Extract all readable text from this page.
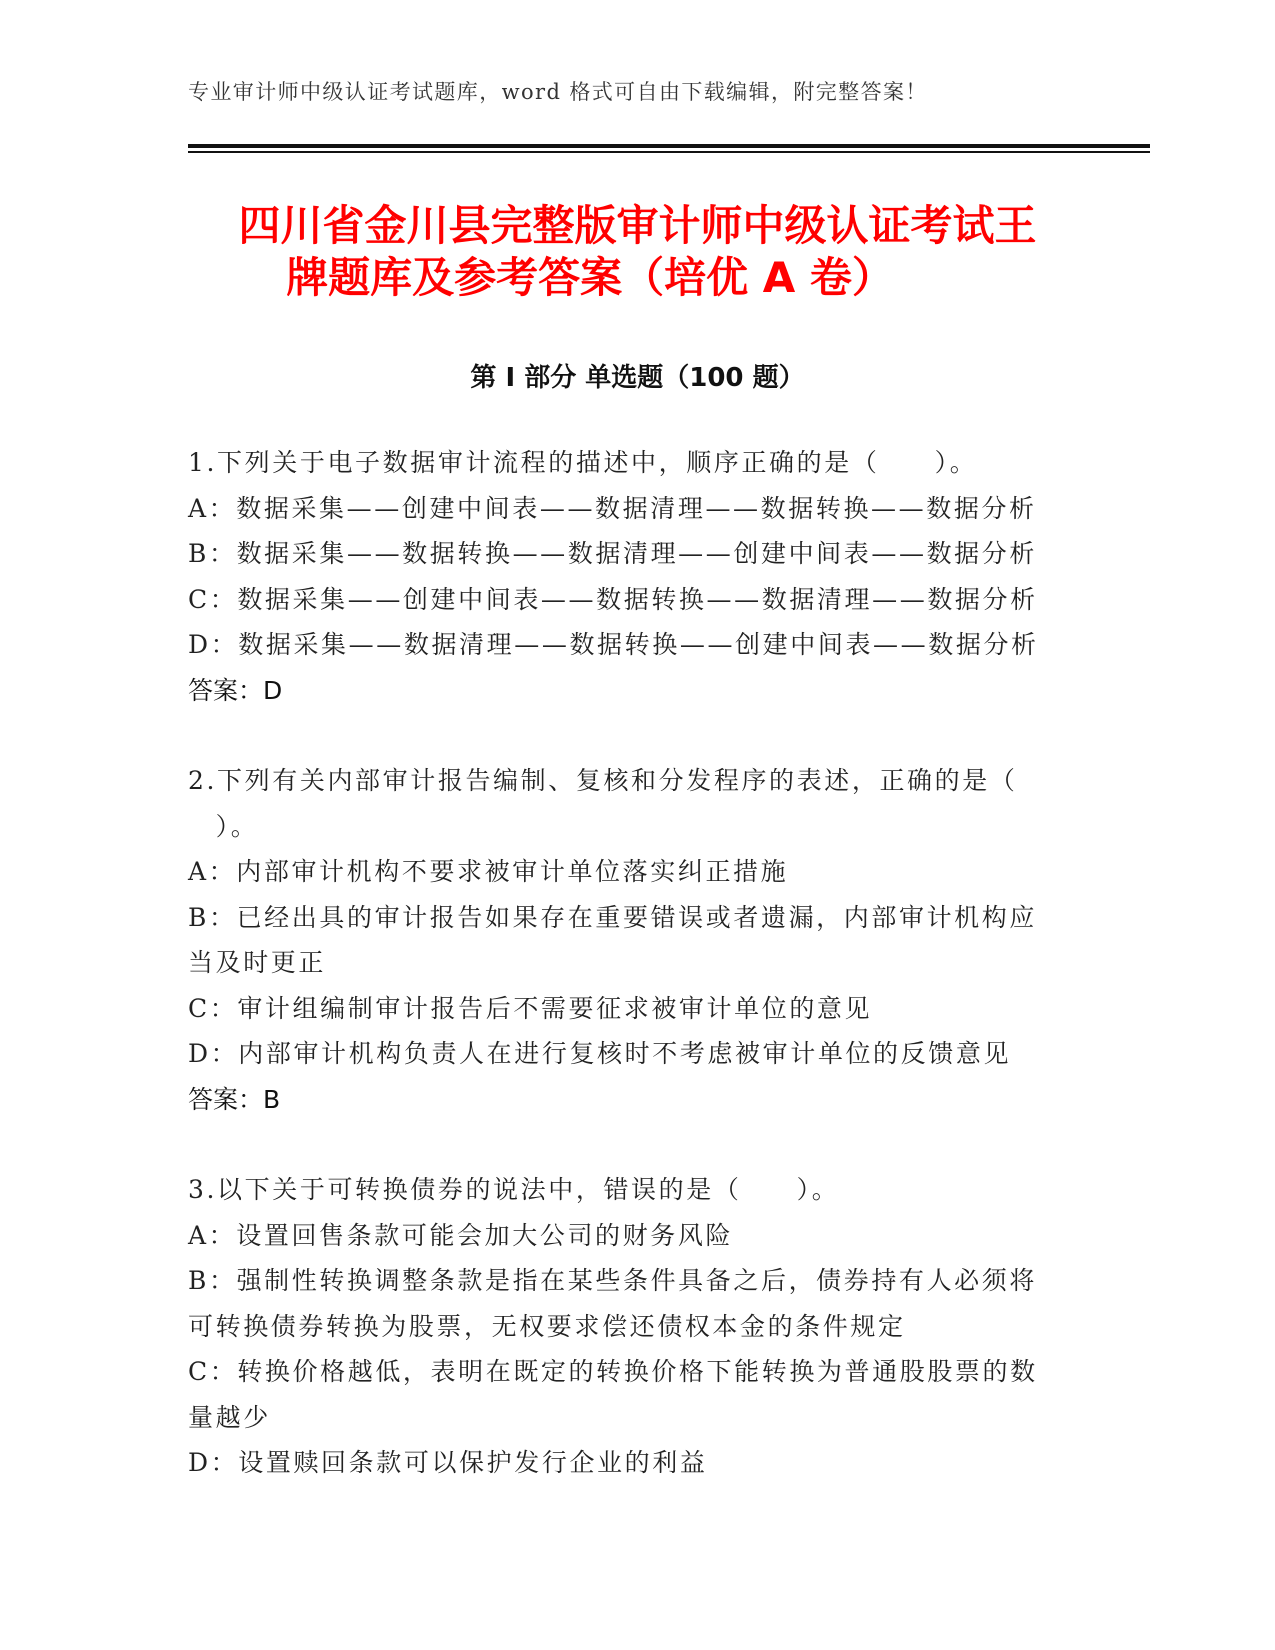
专业审计师中级认证考试题库，word 格式可自由下载编辑，附完整答案！
四川省金川县完整版审计师中级认证考试王
牌题库及参考答案（培优 A 卷）
第 I 部分 单选题（100 题）
1.下列关于电子数据审计流程的描述中，顺序正确的是（　　）。
A：数据采集——创建中间表——数据清理——数据转换——数据分析
B：数据采集——数据转换——数据清理——创建中间表——数据分析
C：数据采集——创建中间表——数据转换——数据清理——数据分析
D：数据采集——数据清理——数据转换——创建中间表——数据分析
答案：D
2.下列有关内部审计报告编制、复核和分发程序的表述，正确的是（
　）。
A：内部审计机构不要求被审计单位落实纠正措施
B：已经出具的审计报告如果存在重要错误或者遗漏，内部审计机构应
当及时更正
C：审计组编制审计报告后不需要征求被审计单位的意见
D：内部审计机构负责人在进行复核时不考虑被审计单位的反馈意见
答案：B
3.以下关于可转换债券的说法中，错误的是（　　）。
A：设置回售条款可能会加大公司的财务风险
B：强制性转换调整条款是指在某些条件具备之后，债券持有人必须将
可转换债券转换为股票，无权要求偿还债权本金的条件规定
C：转换价格越低，表明在既定的转换价格下能转换为普通股股票的数
量越少
D：设置赎回条款可以保护发行企业的利益
